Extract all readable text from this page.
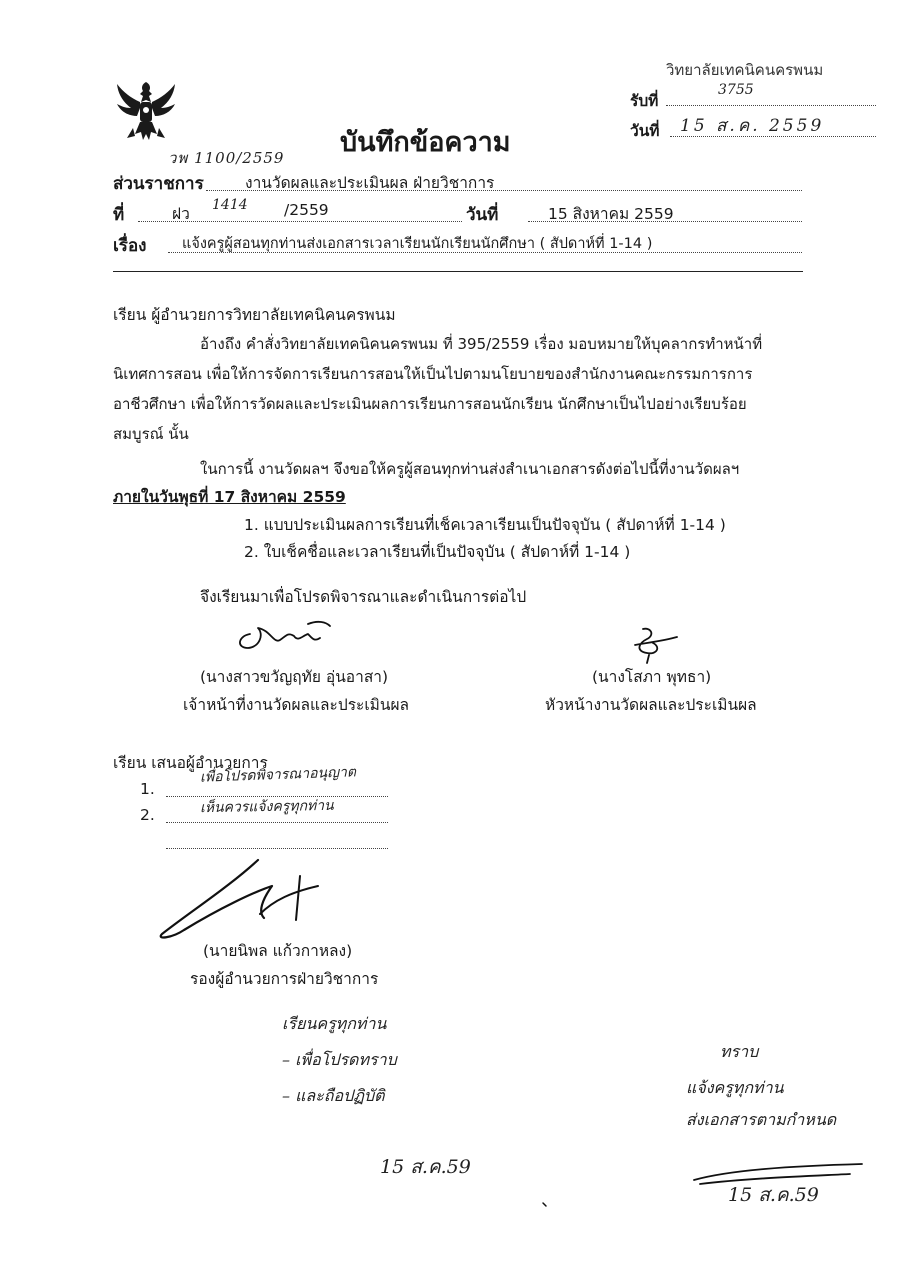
วิทยาลัยเทคนิคนครพนม
รับที่
3755
วันที่ 15 ส.ค. 2559
บันทึกข้อความ
วพ 1100/2559
ส่วนราชการ	งานวัดผลและประเมินผล ฝ่ายวิชาการ
ที่	ฝว 1414 /2559	วันที่	15 สิงหาคม 2559
เรื่อง แจ้งครูผู้สอนทุกท่านส่งเอกสารเวลาเรียนนักเรียนนักศึกษา ( สัปดาห์ที่ 1-14 )
เรียน ผู้อำนวยการวิทยาลัยเทคนิคนครพนม
อ้างถึง คำสั่งวิทยาลัยเทคนิคนครพนม ที่ 395/2559 เรื่อง มอบหมายให้บุคลากรทำหน้าที่
นิเทศการสอน เพื่อให้การจัดการเรียนการสอนให้เป็นไปตามนโยบายของสำนักงานคณะกรรมการการ
อาชีวศึกษา เพื่อให้การวัดผลและประเมินผลการเรียนการสอนนักเรียน นักศึกษาเป็นไปอย่างเรียบร้อย
สมบูรณ์ นั้น
ในการนี้ งานวัดผลฯ จึงขอให้ครูผู้สอนทุกท่านส่งสำเนาเอกสารดังต่อไปนี้ที่งานวัดผลฯ
ภายในวันพุธที่ 17 สิงหาคม 2559
1. แบบประเมินผลการเรียนที่เช็คเวลาเรียนเป็นปัจจุบัน ( สัปดาห์ที่ 1-14 )
2. ใบเช็คชื่อและเวลาเรียนที่เป็นปัจจุบัน ( สัปดาห์ที่ 1-14 )
จึงเรียนมาเพื่อโปรดพิจารณาและดำเนินการต่อไป
(นางสาวขวัญฤทัย อุ่นอาสา)
เจ้าหน้าที่งานวัดผลและประเมินผล
(นางโสภา พุทธา)
หัวหน้างานวัดผลและประเมินผล
เรียน เสนอผู้อำนวยการ
1.
เพื่อโปรดพิจารณาอนุญาต
2.	เห็นควรแจ้งครูทุกท่าน
(นายนิพล แก้วกาหลง)
รองผู้อำนวยการฝ่ายวิชาการ
เรียนครูทุกท่าน
– เพื่อโปรดทราบ
– และถือปฏิบัติ
15 ส.ค.59
ทราบ
แจ้งครูทุกท่าน
ส่งเอกสารตามกำหนด
15 ส.ค.59
